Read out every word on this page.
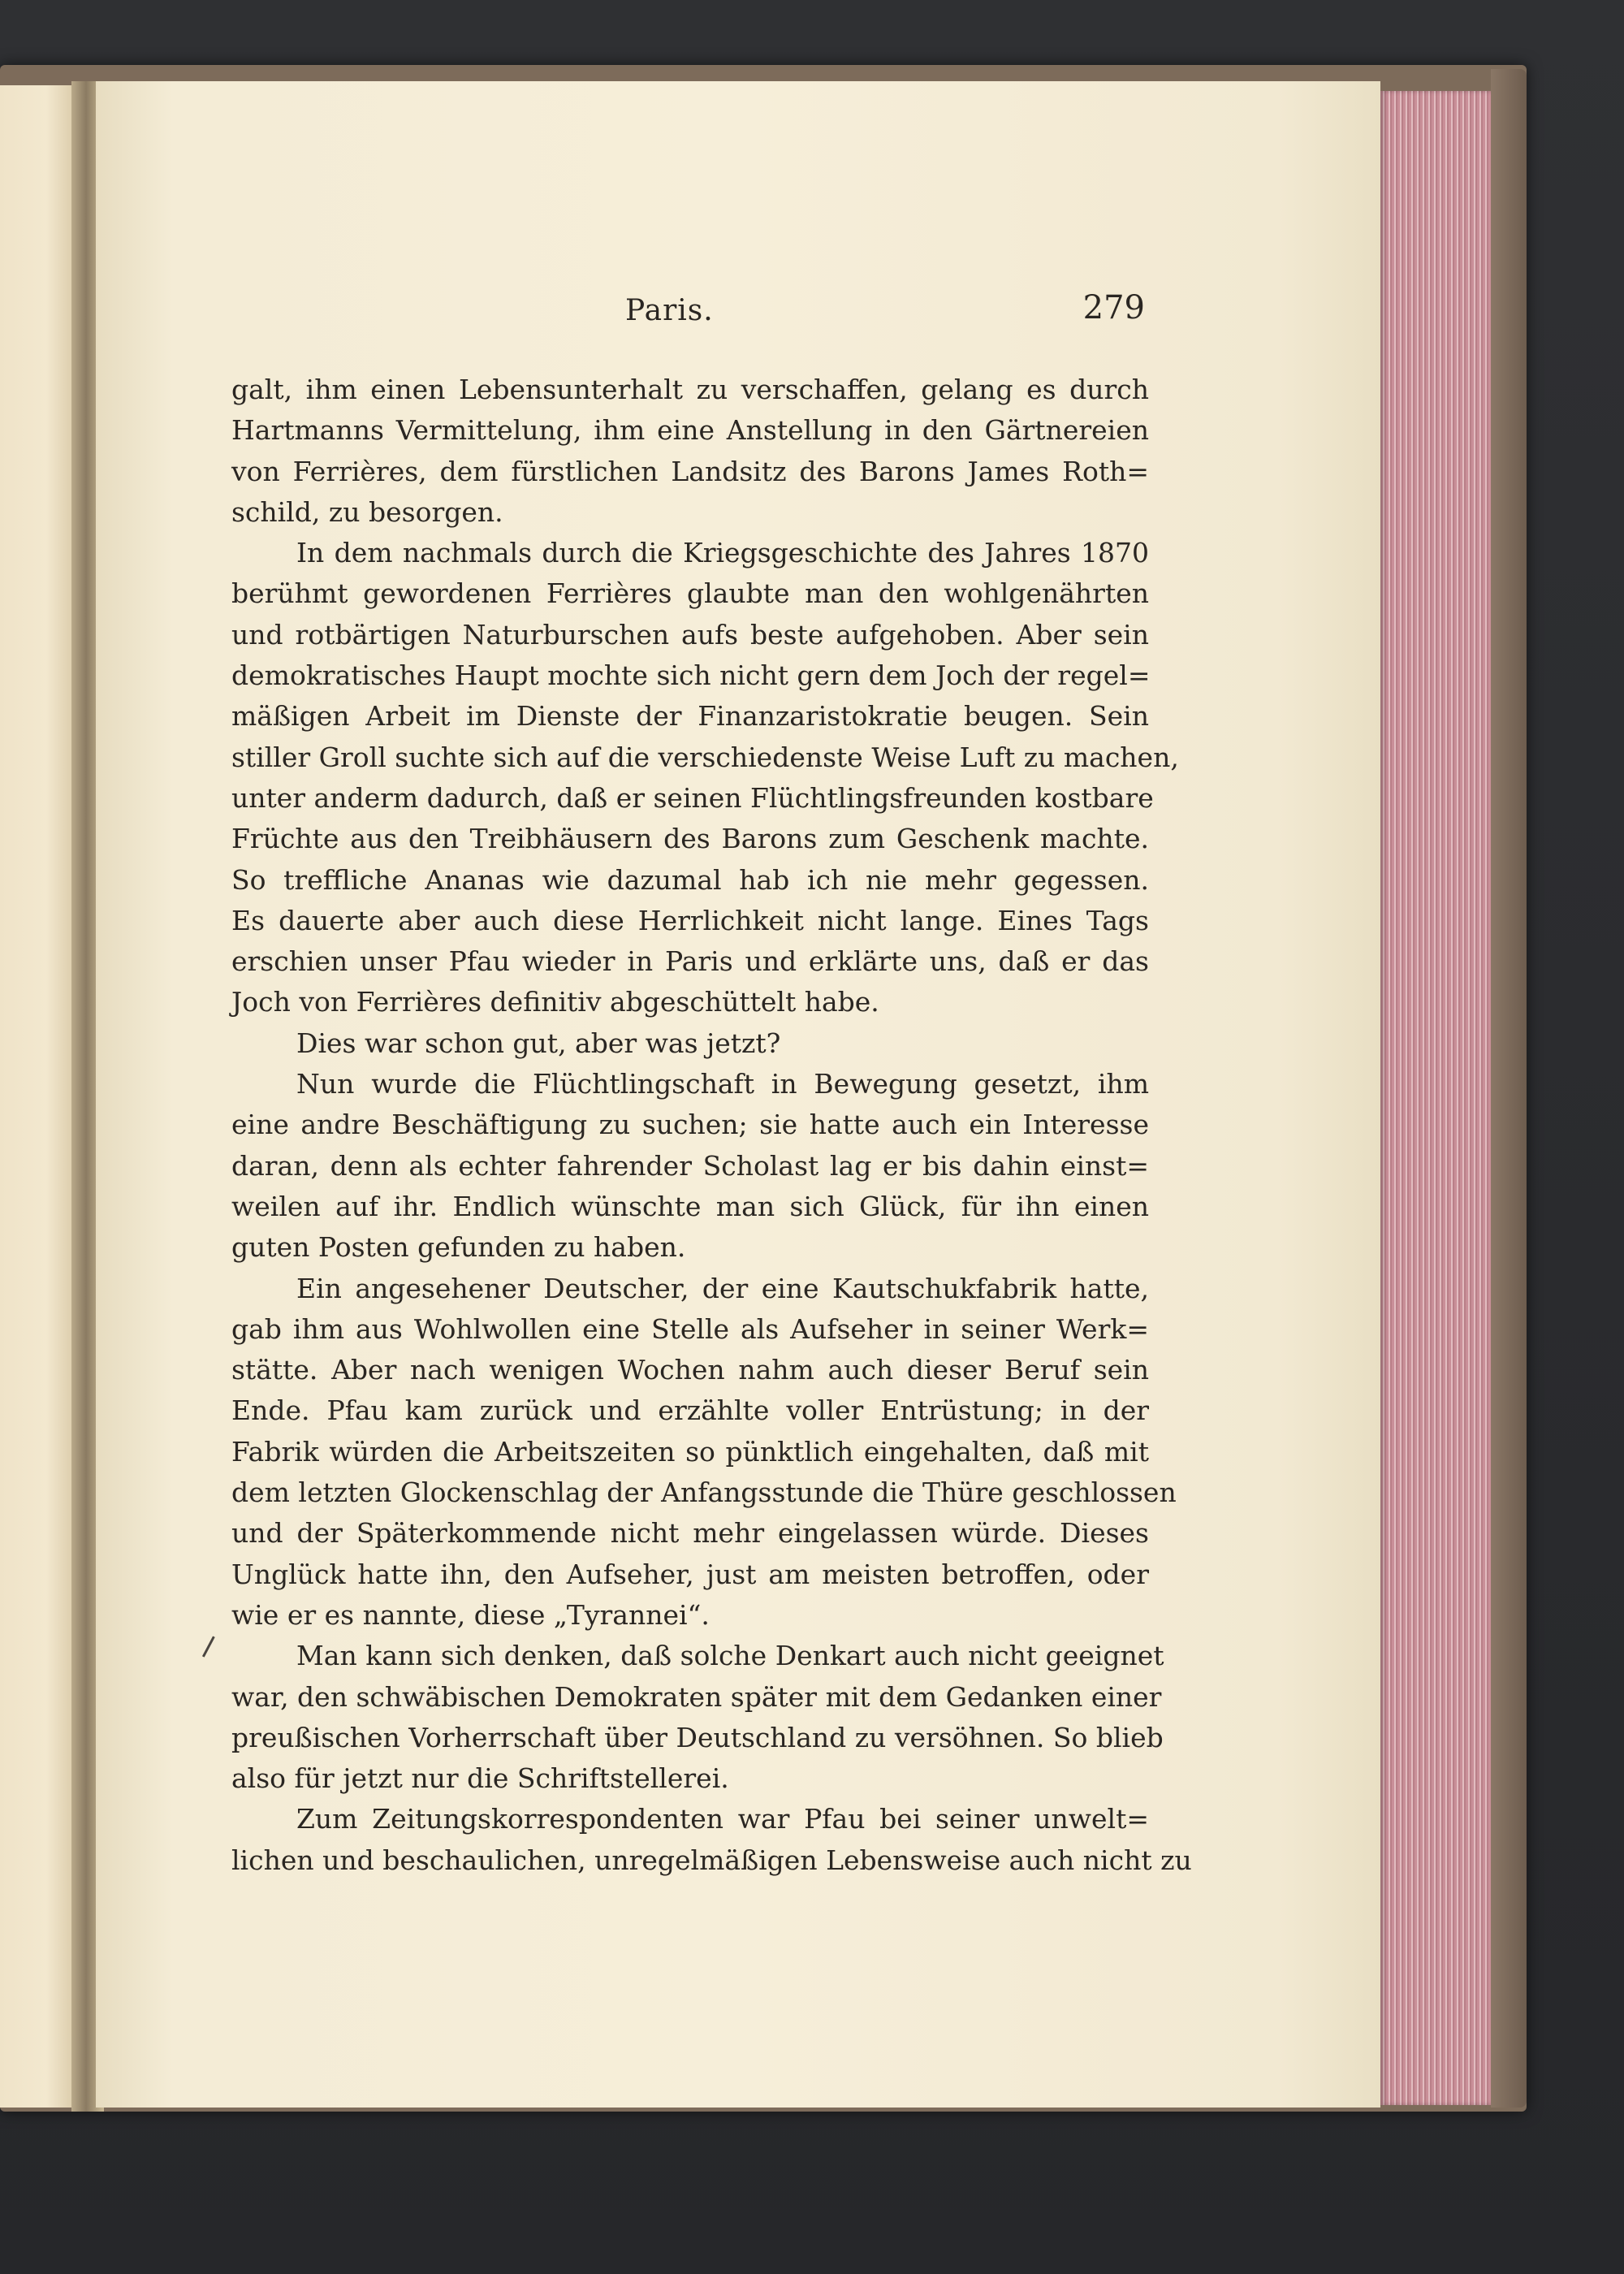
Paris.	279
galt, ihm einen Lebensunterhalt zu verschaffen, gelang es durch
Hartmanns Vermittelung, ihm eine Anstellung in den Gärtnereien
von Ferrières, dem fürstlichen Landsitz des Barons James Roth=
schild, zu besorgen.
In dem nachmals durch die Kriegsgeschichte des Jahres 1870
berühmt gewordenen Ferrières glaubte man den wohlgenährten
und rotbärtigen Naturburschen aufs beste aufgehoben. Aber sein
demokratisches Haupt mochte sich nicht gern dem Joch der regel=
mäßigen Arbeit im Dienste der Finanzaristokratie beugen. Sein
stiller Groll suchte sich auf die verschiedenste Weise Luft zu machen,
unter anderm dadurch, daß er seinen Flüchtlingsfreunden kostbare
Früchte aus den Treibhäusern des Barons zum Geschenk machte.
So treffliche Ananas wie dazumal hab ich nie mehr gegessen.
Es dauerte aber auch diese Herrlichkeit nicht lange. Eines Tags
erschien unser Pfau wieder in Paris und erklärte uns, daß er das
Joch von Ferrières definitiv abgeschüttelt habe.
Dies war schon gut, aber was jetzt?
Nun wurde die Flüchtlingschaft in Bewegung gesetzt, ihm
eine andre Beschäftigung zu suchen; sie hatte auch ein Interesse
daran, denn als echter fahrender Scholast lag er bis dahin einst=
weilen auf ihr. Endlich wünschte man sich Glück, für ihn einen
guten Posten gefunden zu haben.
Ein angesehener Deutscher, der eine Kautschukfabrik hatte,
gab ihm aus Wohlwollen eine Stelle als Aufseher in seiner Werk=
stätte. Aber nach wenigen Wochen nahm auch dieser Beruf sein
Ende. Pfau kam zurück und erzählte voller Entrüstung; in der
Fabrik würden die Arbeitszeiten so pünktlich eingehalten, daß mit
dem letzten Glockenschlag der Anfangsstunde die Thüre geschlossen
und der Späterkommende nicht mehr eingelassen würde. Dieses
Unglück hatte ihn, den Aufseher, just am meisten betroffen, oder
wie er es nannte, diese „Tyrannei“.
Man kann sich denken, daß solche Denkart auch nicht geeignet
war, den schwäbischen Demokraten später mit dem Gedanken einer
preußischen Vorherrschaft über Deutschland zu versöhnen. So blieb
also für jetzt nur die Schriftstellerei.
Zum Zeitungskorrespondenten war Pfau bei seiner unwelt=
lichen und beschaulichen, unregelmäßigen Lebensweise auch nicht zu
